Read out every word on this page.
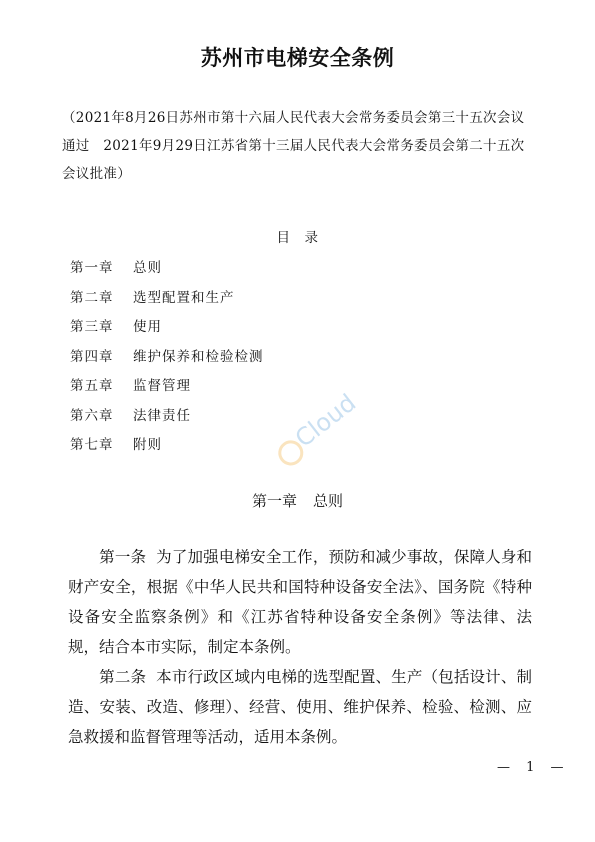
苏州市电梯安全条例
（2021年8月26日苏州市第十六届人民代表大会常务委员会第三十五次会议通过　2021年9月29日江苏省第十三届人民代表大会常务委员会第二十五次会议批准）
目　录
第一章	总则
第二章	选型配置和生产
第三章	使用
第四章	维护保养和检验检测
第五章	监督管理
第六章	法律责任
第七章	附则
第一章 总则

第一条 为了加强电梯安全工作，预防和减少事故，保障人身和财产安全，根据《中华人民共和国特种设备安全法》、国务院《特种设备安全监察条例》和《江苏省特种设备安全条例》等法律、法规，结合本市实际，制定本条例。

第二条 本市行政区域内电梯的选型配置、生产（包括设计、制造、安装、改造、修理）、经营、使用、维护保养、检验、检测、应急救援和监督管理等活动，适用本条例。

— 1 —
Cloud
